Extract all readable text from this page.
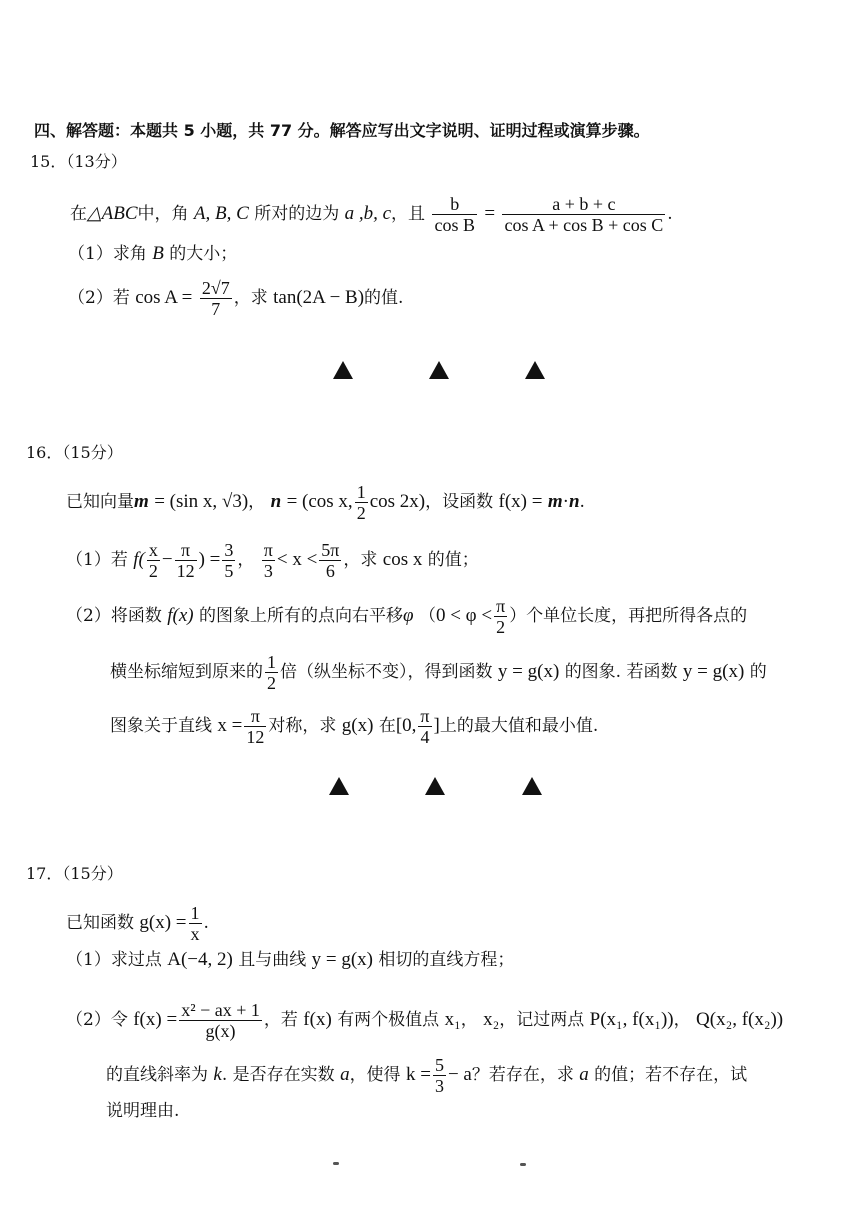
四、解答题：本题共 5 小题，共 77 分。解答应写出文字说明、证明过程或演算步骤。
15．（13分）
在△ABC中，角 A, B, C 所对的边为 a ,b, c，且 $\frac{b}{\text{cos B}} = \frac{a + b + c}{\text{cos A + cos B + cos C}}$ .
（1）求角 B 的大小；
（2）若 $\cos A = \frac{2√7}{7}$ ，求 tan(2A − B)的值.
16．（15分）
已知向量m = (sin x, √3)， n = (cos x, $\frac{1}{2}$ cos 2x)，设函数 f(x) = m·n.
（1）若 $f( \frac{x}{2} - \frac{\pi}{12}$ ) = $\frac{3}{5}$ ， $\frac{\pi}{3} < x < \frac{5\pi}{6}$ ，求 cos x 的值；
（2）将函数 f(x) 的图象上所有的点向右平移φ （$0 < \varphi < \frac{\pi}{2}$ ）个单位长度，再把所得各点的
横坐标缩短到原来的 $\frac{1}{2}$ 倍（纵坐标不变），得到函数 y = g(x) 的图象. 若函数 y = g(x) 的
图象关于直线 $x = \frac{\pi}{12}$ 对称，求 g(x) 在[0, $\frac{\pi}{4}$ ]上的最大值和最小值.
17．（15分）
已知函数 $g(x) = \frac{1}{x}$ .
（1）求过点 A(−4, 2) 且与曲线 y = g(x) 相切的直线方程；
（2）令 $f(x) = \frac{\text{x² − ax + 1}}{g(x)}$ ，若 f(x) 有两个极值点 x₁， x₂，记过两点 P(x₁, f(x₁))， Q(x₂, f(x₂))
的直线斜率为 k. 是否存在实数 a，使得 $k = \frac{5}{3} - a$？若存在，求 a 的值；若不存在，试
说明理由.
